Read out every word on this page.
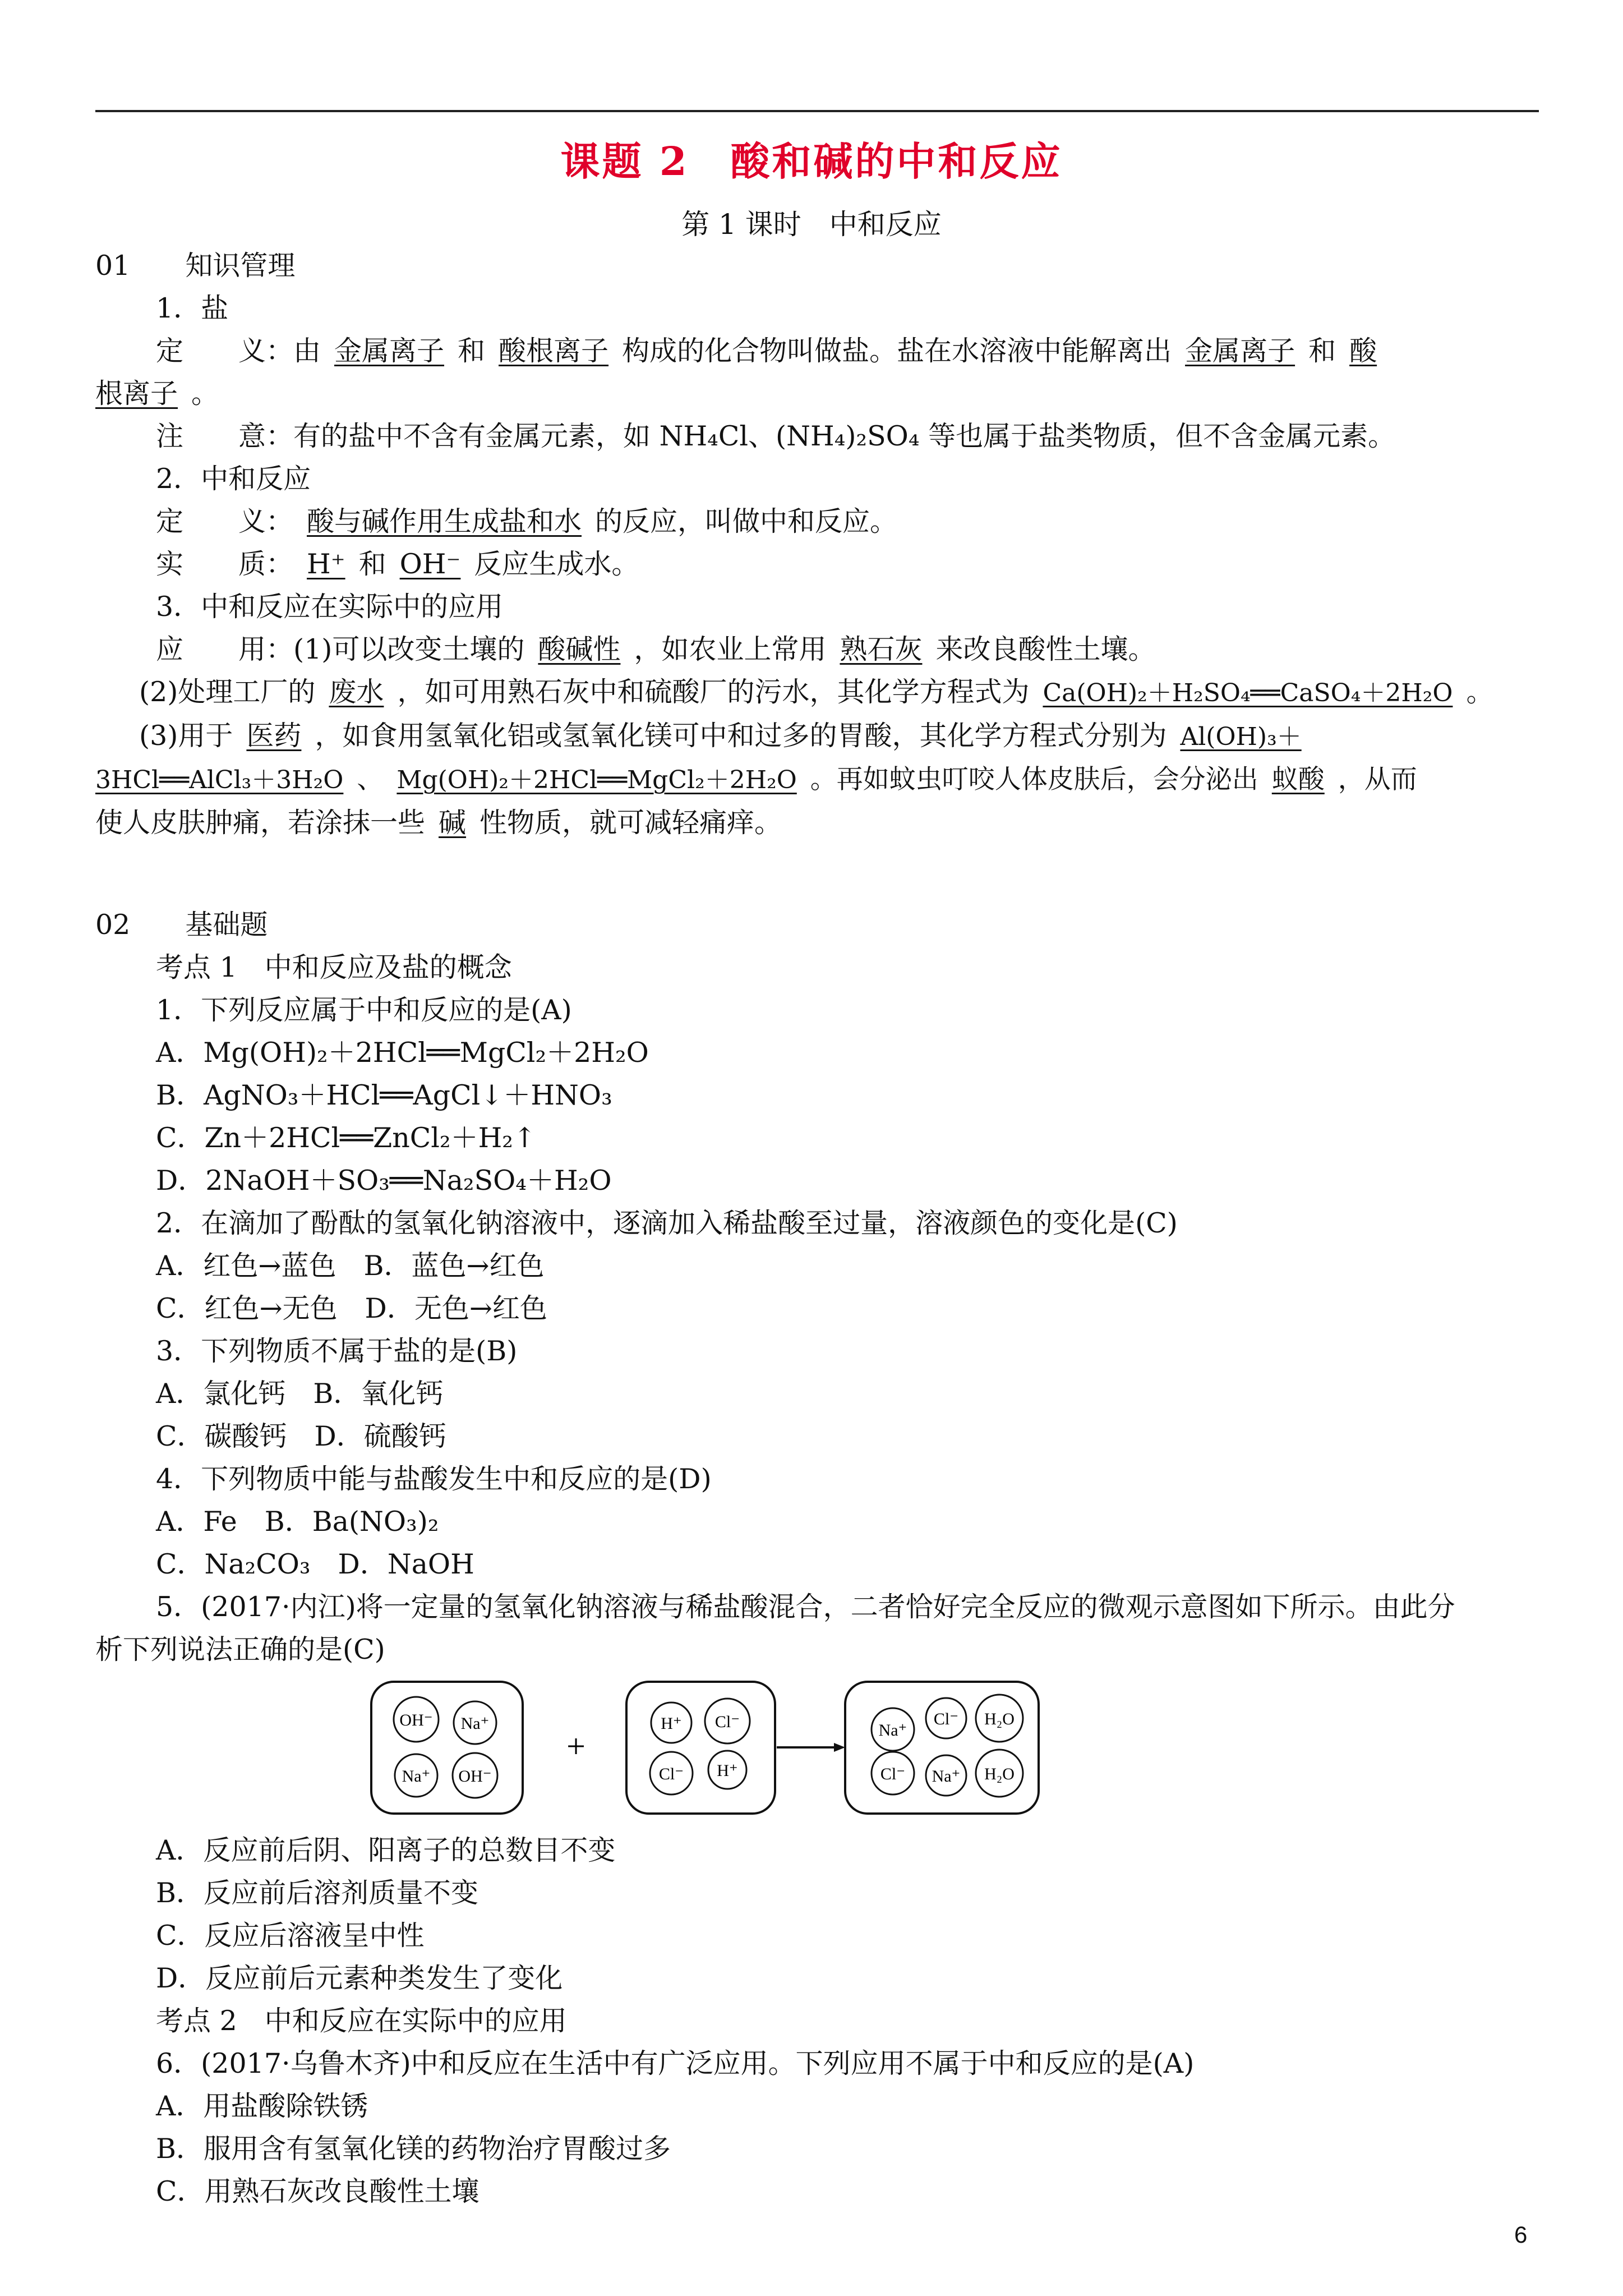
课题 2　酸和碱的中和反应
第 1 课时　中和反应
01　　知识管理
1．盐
定　　义：由 金属离子 和 酸根离子 构成的化合物叫做盐。盐在水溶液中能解离出 金属离子 和 酸
根离子 。
注　　意：有的盐中不含有金属元素，如 NH₄Cl、(NH₄)₂SO₄ 等也属于盐类物质，但不含金属元素。
2．中和反应
定　　义： 酸与碱作用生成盐和水 的反应，叫做中和反应。
实　　质： H⁺ 和 OH⁻ 反应生成水。
3．中和反应在实际中的应用
应　　用：(1)可以改变土壤的 酸碱性 ，如农业上常用 熟石灰 来改良酸性土壤。
(2)处理工厂的 废水 ，如可用熟石灰中和硫酸厂的污水，其化学方程式为 Ca(OH)₂＋H₂SO₄══CaSO₄＋2H₂O 。
(3)用于 医药 ，如食用氢氧化铝或氢氧化镁可中和过多的胃酸，其化学方程式分别为 Al(OH)₃＋
3HCl══AlCl₃＋3H₂O 、 Mg(OH)₂＋2HCl══MgCl₂＋2H₂O 。再如蚊虫叮咬人体皮肤后，会分泌出 蚁酸 ，从而
使人皮肤肿痛，若涂抹一些 碱 性物质，就可减轻痛痒。
02　　基础题
考点 1　中和反应及盐的概念
1．下列反应属于中和反应的是(A)
A．Mg(OH)₂＋2HCl══MgCl₂＋2H₂O
B．AgNO₃＋HCl══AgCl↓＋HNO₃
C．Zn＋2HCl══ZnCl₂＋H₂↑
D．2NaOH＋SO₃══Na₂SO₄＋H₂O
2．在滴加了酚酞的氢氧化钠溶液中，逐滴加入稀盐酸至过量，溶液颜色的变化是(C)
A．红色→蓝色　B．蓝色→红色
C．红色→无色　D．无色→红色
3．下列物质不属于盐的是(B)
A．氯化钙　B．氧化钙
C．碳酸钙　D．硫酸钙
4．下列物质中能与盐酸发生中和反应的是(D)
A．Fe　B．Ba(NO₃)₂
C．Na₂CO₃　D．NaOH
5．(2017·内江)将一定量的氢氧化钠溶液与稀盐酸混合，二者恰好完全反应的微观示意图如下所示。由此分
析下列说法正确的是(C)
OH⁻ Na⁺
Na⁺ OH⁻
+
H⁺ Cl⁻
Cl⁻ H⁺
Na⁺
Cl⁻ H₂O
Cl⁻ Na⁺ H₂O
A．反应前后阴、阳离子的总数目不变
B．反应前后溶剂质量不变
C．反应后溶液呈中性
D．反应前后元素种类发生了变化
考点 2　中和反应在实际中的应用
6．(2017·乌鲁木齐)中和反应在生活中有广泛应用。下列应用不属于中和反应的是(A)
A．用盐酸除铁锈
B．服用含有氢氧化镁的药物治疗胃酸过多
C．用熟石灰改良酸性土壤
6
